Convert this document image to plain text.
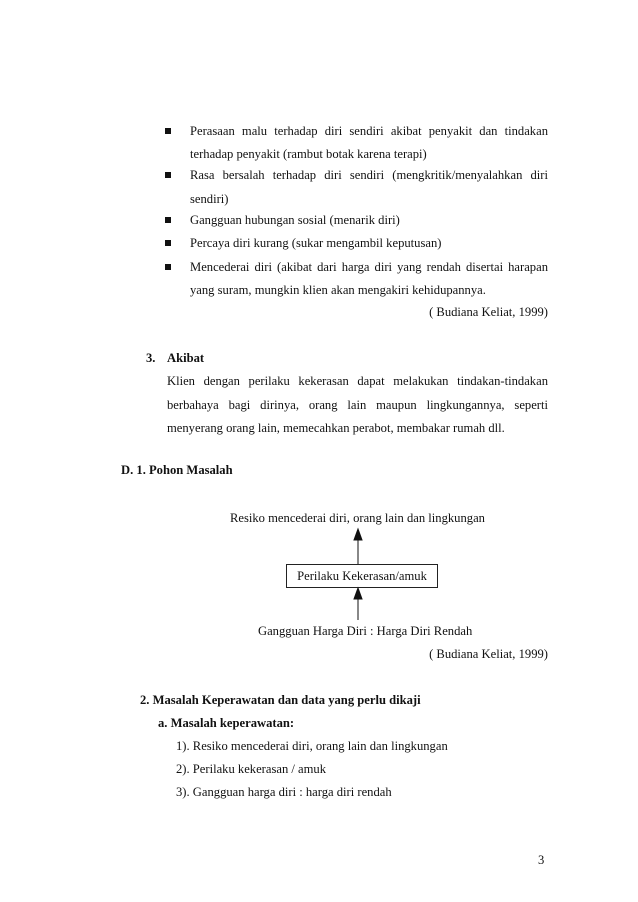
Perasaan malu terhadap diri sendiri akibat penyakit dan tindakan
terhadap penyakit (rambut botak karena terapi)
Rasa bersalah terhadap diri sendiri (mengkritik/menyalahkan diri
sendiri)
Gangguan hubungan sosial (menarik diri)
Percaya diri kurang (sukar mengambil keputusan)
Mencederai diri (akibat dari harga diri yang rendah disertai harapan
yang suram, mungkin klien akan mengakiri kehidupannya.
( Budiana Keliat, 1999)
3. Akibat
Klien dengan perilaku kekerasan dapat melakukan tindakan-tindakan
berbahaya bagi dirinya, orang lain maupun lingkungannya, seperti
menyerang orang lain, memecahkan perabot, membakar rumah dll.
D. 1. Pohon Masalah
Resiko mencederai diri, orang lain dan lingkungan
Perilaku Kekerasan/amuk
Gangguan Harga Diri : Harga Diri Rendah
( Budiana Keliat, 1999)
2. Masalah Keperawatan dan data yang perlu dikaji
a. Masalah keperawatan:
1). Resiko mencederai diri, orang lain dan lingkungan
2). Perilaku kekerasan / amuk
3). Gangguan harga diri : harga diri rendah
3
